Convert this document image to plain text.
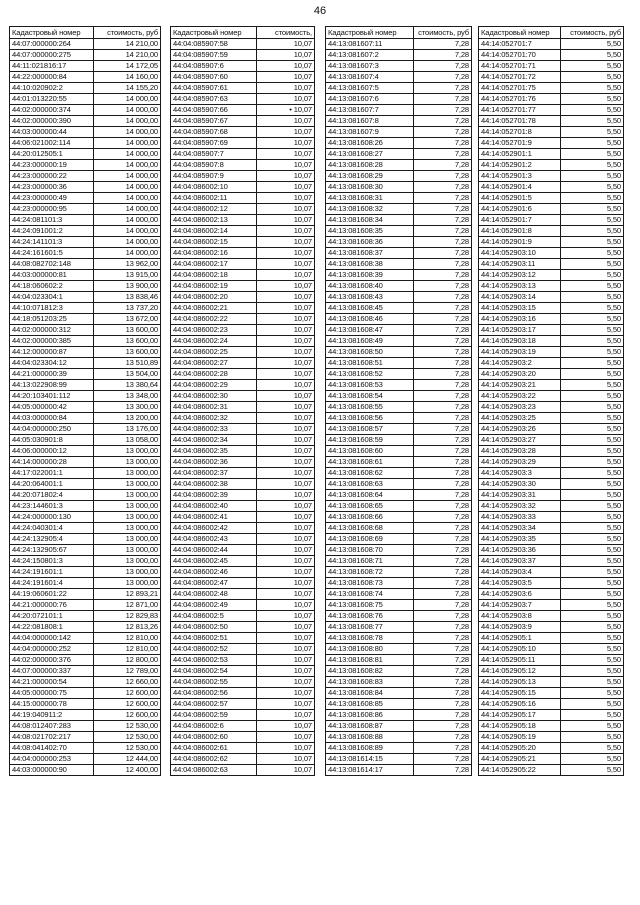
46
Кадастровый номер	стоимость, руб
44:07:000000:264	14 210,00
44:07:000000:275	14 210,00
44:11:021816:17	14 172,05
44:22:000000:84	14 160,00
44:10:020902:2	14 155,20
44:01:013220:55	14 000,00
44:02:000000:374	14 000,00
44:02:000000:390	14 000,00
44:03:000000:44	14 000,00
44:06:021002:114	14 000,00
44:20:012505:1	14 000,00
44:23:000000:19	14 000,00
44:23:000000:22	14 000,00
44:23:000000:36	14 000,00
44:23:000000:49	14 000,00
44:23:000000:95	14 000,00
44:24:081101:3	14 000,00
44:24:091001:2	14 000,00
44:24:141101:3	14 000,00
44:24:161601:5	14 000,00
44:08:082702:148	13 962,00
44:03:000000:81	13 915,00
44:18:060602:2	13 900,00
44:04:023304:1	13 838,46
44:10:071812:3	13 737,20
44:18:051203:25	13 672,00
44:02:000000:312	13 600,00
44:02:000000:385	13 600,00
44:12:000000:87	13 600,00
44:04:023304:12	13 510,89
44:21:000000:39	13 504,00
44:13:022908:99	13 380,64
44:20:103401:112	13 348,00
44:05:000000:42	13 300,00
44:03:000000:84	13 200,00
44:04:000000:250	13 176,00
44:05:030901:8	13 058,00
44:06:000000:12	13 000,00
44:14:000000:28	13 000,00
44:17:022001:1	13 000,00
44:20:064001:1	13 000,00
44:20:071802:4	13 000,00
44:23:144601:3	13 000,00
44:24:000000:130	13 000,00
44:24:040301:4	13 000,00
44:24:132905:4	13 000,00
44:24:132905:67	13 000,00
44:24:150801:3	13 000,00
44:24:191601:1	13 000,00
44:24:191601:4	13 000,00
44:19:060601:22	12 893,21
44:21:000000:76	12 871,00
44:20:072101:1	12 829,83
44:22:081808:1	12 813,26
44:04:000000:142	12 810,00
44:04:000000:252	12 810,00
44:02:000000:376	12 800,00
44:07:000000:337	12 789,00
44:21:000000:54	12 660,00
44:05:000000:75	12 600,00
44:15:000000:78	12 600,00
44:19:040911:2	12 600,00
44:08:012407:283	12 530,00
44:08:021702:217	12 530,00
44:08:041402:70	12 530,00
44:04:000000:253	12 444,00
44:03:000000:90	12 400,00
Кадастровый номер	стоимость,
44:04:085907:58	10,07
44:04:085907:59	10,07
44:04:085907:6	10,07
44:04:085907:60	10,07
44:04:085907:61	10,07
44:04:085907:63	10,07
44:04:085907:66	• 10,07
44:04:085907:67	10,07
44:04:085907:68	10,07
44:04:085907:69	10,07
44:04:085907:7	10,07
44:04:085907:8	10,07
44:04:085907:9	10,07
44:04:086002:10	10,07
44:04:086002:11	10,07
44:04:086002:12	10,07
44:04:086002:13	10,07
44:04:086002:14	10,07
44:04:086002:15	10,07
44:04:086002:16	10,07
44:04:086002:17	10,07
44:04:086002:18	10,07
44:04:086002:19	10,07
44:04:086002:20	10,07
44:04:086002:21	10,07
44:04:086002:22	10,07
44:04:086002:23	10,07
44:04:086002:24	10,07
44:04:086002:25	10,07
44:04:086002:27	10,07
44:04:086002:28	10,07
44:04:086002:29	10,07
44:04:086002:30	10,07
44:04:086002:31	10,07
44:04:086002:32	10,07
44:04:086002:33	10,07
44:04:086002:34	10,07
44:04:086002:35	10,07
44:04:086002:36	10,07
44:04:086002:37	10,07
44:04:086002:38	10,07
44:04:086002:39	10,07
44:04:086002:40	10,07
44:04:086002:41	10,07
44:04:086002:42	10,07
44:04:086002:43	10,07
44:04:086002:44	10,07
44:04:086002:45	10,07
44:04:086002:46	10,07
44:04:086002:47	10,07
44:04:086002:48	10,07
44:04:086002:49	10,07
44:04:086002:5	10,07
44:04:086002:50	10,07
44:04:086002:51	10,07
44:04:086002:52	10,07
44:04:086002:53	10,07
44:04:086002:54	10,07
44:04:086002:55	10,07
44:04:086002:56	10,07
44:04:086002:57	10,07
44:04:086002:59	10,07
44:04:086002:6	10,07
44:04:086002:60	10,07
44:04:086002:61	10,07
44:04:086002:62	10,07
44:04:086002:63	10,07
Кадастровый номер	стоимость, руб
44:13:081607:11	7,28
44:13:081607:2	7,28
44:13:081607:3	7,28
44:13:081607:4	7,28
44:13:081607:5	7,28
44:13:081607:6	7,28
44:13:081607:7	7,28
44:13:081607:8	7,28
44:13:081607:9	7,28
44:13:081608:26	7,28
44:13:081608:27	7,28
44:13:081608:28	7,28
44:13:081608:29	7,28
44:13:081608:30	7,28
44:13:081608:31	7,28
44:13:081608:32	7,28
44:13:081608:34	7,28
44:13:081608:35	7,28
44:13:081608:36	7,28
44:13:081608:37	7,28
44:13:081608:38	7,28
44:13:081608:39	7,28
44:13:081608:40	7,28
44:13:081608:43	7,28
44:13:081608:45	7,28
44:13:081608:46	7,28
44:13:081608:47	7,28
44:13:081608:49	7,28
44:13:081608:50	7,28
44:13:081608:51	7,28
44:13:081608:52	7,28
44:13:081608:53	7,28
44:13:081608:54	7,28
44:13:081608:55	7,28
44:13:081608:56	7,28
44:13:081608:57	7,28
44:13:081608:59	7,28
44:13:081608:60	7,28
44:13:081608:61	7,28
44:13:081608:62	7,28
44:13:081608:63	7,28
44:13:081608:64	7,28
44:13:081608:65	7,28
44:13:081608:66	7,28
44:13:081608:68	7,28
44:13:081608:69	7,28
44:13:081608:70	7,28
44:13:081608:71	7,28
44:13:081608:72	7,28
44:13:081608:73	7,28
44:13:081608:74	7,28
44:13:081608:75	7,28
44:13:081608:76	7,28
44:13:081608:77	7,28
44:13:081608:78	7,28
44:13:081608:80	7,28
44:13:081608:81	7,28
44:13:081608:82	7,28
44:13:081608:83	7,28
44:13:081608:84	7,28
44:13:081608:85	7,28
44:13:081608:86	7,28
44:13:081608:87	7,28
44:13:081608:88	7,28
44:13:081608:89	7,28
44:13:081614:15	7,28
44:13:081614:17	7,28
Кадастровый номер	стоимость, руб
44:14:052701:7	5,50
44:14:052701:70	5,50
44:14:052701:71	5,50
44:14:052701:72	5,50
44:14:052701:75	5,50
44:14:052701:76	5,50
44:14:052701:77	5,50
44:14:052701:78	5,50
44:14:052701:8	5,50
44:14:052701:9	5,50
44:14:052901:1	5,50
44:14:052901:2	5,50
44:14:052901:3	5,50
44:14:052901:4	5,50
44:14:052901:5	5,50
44:14:052901:6	5,50
44:14:052901:7	5,50
44:14:052901:8	5,50
44:14:052901:9	5,50
44:14:052903:10	5,50
44:14:052903:11	5,50
44:14:052903:12	5,50
44:14:052903:13	5,50
44:14:052903:14	5,50
44:14:052903:15	5,50
44:14:052903:16	5,50
44:14:052903:17	5,50
44:14:052903:18	5,50
44:14:052903:19	5,50
44:14:052903:2	5,50
44:14:052903:20	5,50
44:14:052903:21	5,50
44:14:052903:22	5,50
44:14:052903:23	5,50
44:14:052903:25	5,50
44:14:052903:26	5,50
44:14:052903:27	5,50
44:14:052903:28	5,50
44:14:052903:29	5,50
44:14:052903:3	5,50
44:14:052903:30	5,50
44:14:052903:31	5,50
44:14:052903:32	5,50
44:14:052903:33	5,50
44:14:052903:34	5,50
44:14:052903:35	5,50
44:14:052903:36	5,50
44:14:052903:37	5,50
44:14:052903:4	5,50
44:14:052903:5	5,50
44:14:052903:6	5,50
44:14:052903:7	5,50
44:14:052903:8	5,50
44:14:052903:9	5,50
44:14:052905:1	5,50
44:14:052905:10	5,50
44:14:052905:11	5,50
44:14:052905:12	5,50
44:14:052905:13	5,50
44:14:052905:15	5,50
44:14:052905:16	5,50
44:14:052905:17	5,50
44:14:052905:18	5,50
44:14:052905:19	5,50
44:14:052905:20	5,50
44:14:052905:21	5,50
44:14:052905:22	5,50
